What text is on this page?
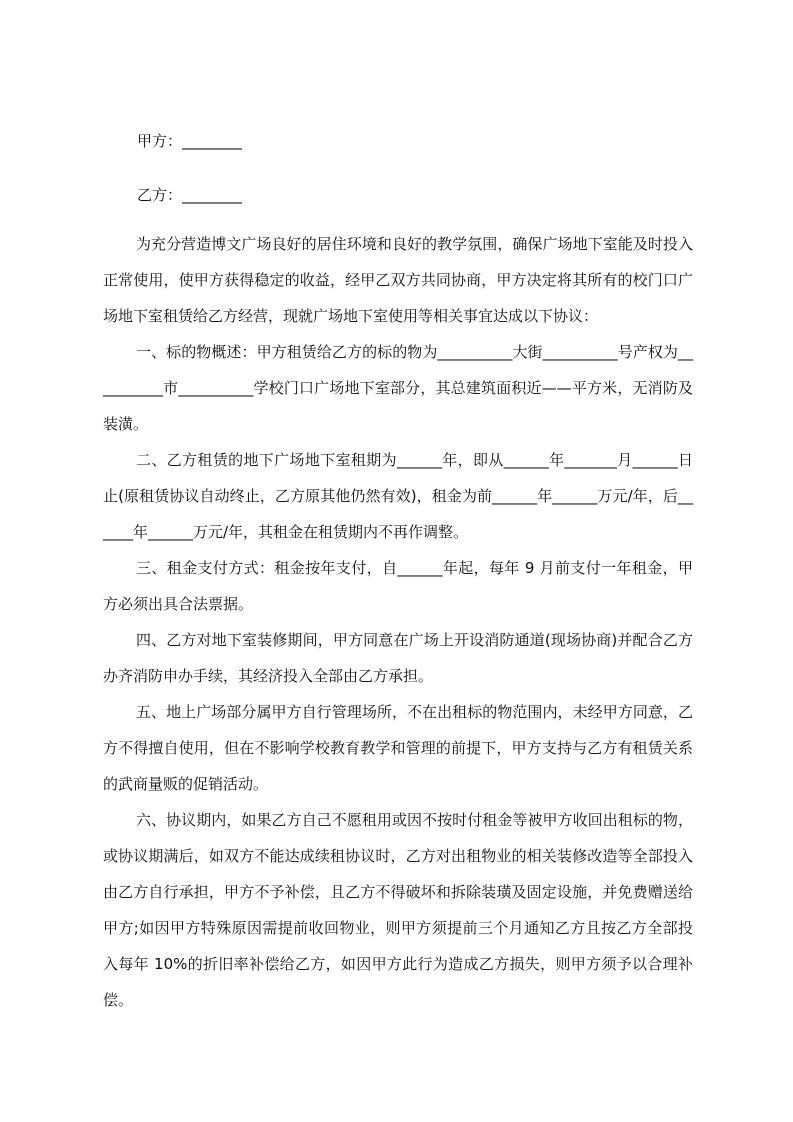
甲方：________
乙方：________

为充分营造博文广场良好的居住环境和良好的教学氛围，确保广场地下室能及时投入正常使用，使甲方获得稳定的收益，经甲乙双方共同协商，甲方决定将其所有的校门口广场地下室租赁给乙方经营，现就广场地下室使用等相关事宜达成以下协议：

一、标的物概述：甲方租赁给乙方的标的物为__________大街__________号产权为__________市__________学校门口广场地下室部分，其总建筑面积近——平方米，无消防及装潢。

二、乙方租赁的地下广场地下室租期为______年，即从______年_______月______日止(原租赁协议自动终止，乙方原其他仍然有效)，租金为前______年______万元/年，后______年______万元/年，其租金在租赁期内不再作调整。

三、租金支付方式：租金按年支付，自______年起，每年 9 月前支付一年租金，甲方必须出具合法票据。

四、乙方对地下室装修期间，甲方同意在广场上开设消防通道(现场协商)并配合乙方办齐消防申办手续，其经济投入全部由乙方承担。

五、地上广场部分属甲方自行管理场所，不在出租标的物范围内，未经甲方同意，乙方不得擅自使用，但在不影响学校教育教学和管理的前提下，甲方支持与乙方有租赁关系的武商量贩的促销活动。

六、协议期内，如果乙方自己不愿租用或因不按时付租金等被甲方收回出租标的物，或协议期满后，如双方不能达成续租协议时，乙方对出租物业的相关装修改造等全部投入由乙方自行承担，甲方不予补偿，且乙方不得破坏和拆除装璜及固定设施，并免费赠送给甲方;如因甲方特殊原因需提前收回物业，则甲方须提前三个月通知乙方且按乙方全部投入每年 10%的折旧率补偿给乙方，如因甲方此行为造成乙方损失，则甲方须予以合理补偿。
